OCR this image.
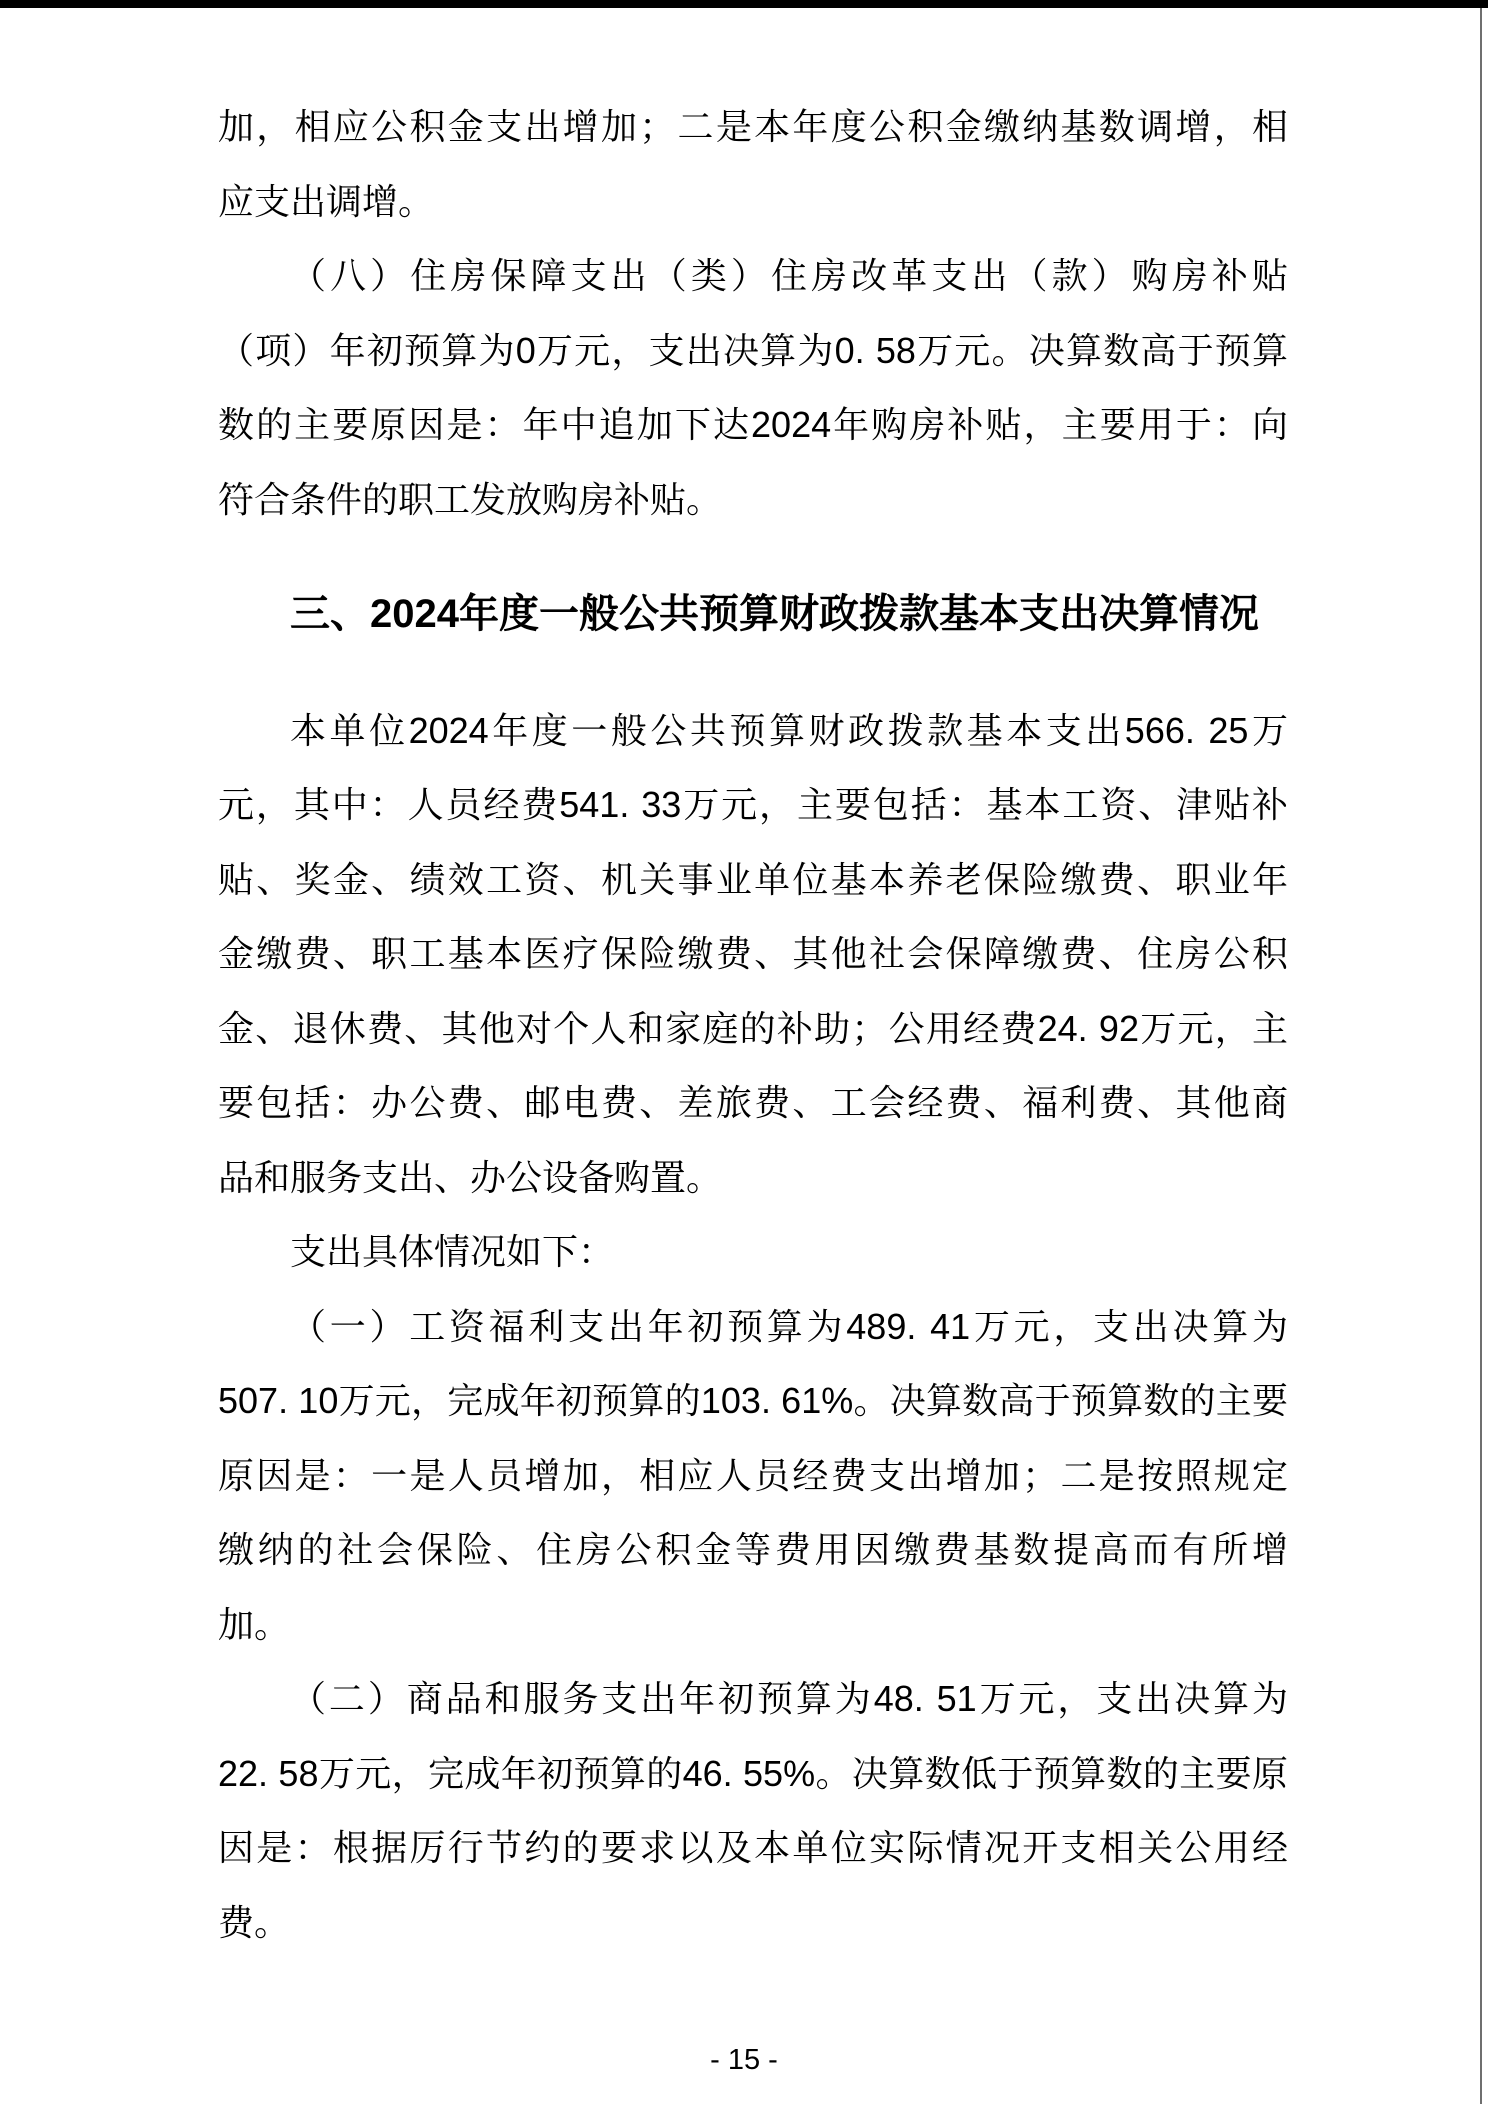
加，相应公积金支出增加；二是本年度公积金缴纳基数调增，相

应支出调增。

（八）住房保障支出（类）住房改革支出（款）购房补贴

（项）年初预算为0万元，支出决算为0. 58万元。决算数高于预算

数的主要原因是：年中追加下达2024年购房补贴，主要用于：向

符合条件的职工发放购房补贴。

三、2024年度一般公共预算财政拨款基本支出决算情况

本单位2024年度一般公共预算财政拨款基本支出566. 25万

元，其中：人员经费541. 33万元，主要包括：基本工资、津贴补

贴、奖金、绩效工资、机关事业单位基本养老保险缴费、职业年

金缴费、职工基本医疗保险缴费、其他社会保障缴费、住房公积

金、退休费、其他对个人和家庭的补助；公用经费24. 92万元，主

要包括：办公费、邮电费、差旅费、工会经费、福利费、其他商

品和服务支出、办公设备购置。

支出具体情况如下：

（一）工资福利支出年初预算为489. 41万元，支出决算为

507. 10万元，完成年初预算的103. 61%。决算数高于预算数的主要

原因是：一是人员增加，相应人员经费支出增加；二是按照规定

缴纳的社会保险、住房公积金等费用因缴费基数提高而有所增

加。

（二）商品和服务支出年初预算为48. 51万元，支出决算为

22. 58万元，完成年初预算的46. 55%。决算数低于预算数的主要原

因是：根据厉行节约的要求以及本单位实际情况开支相关公用经

费。

- 15 -
